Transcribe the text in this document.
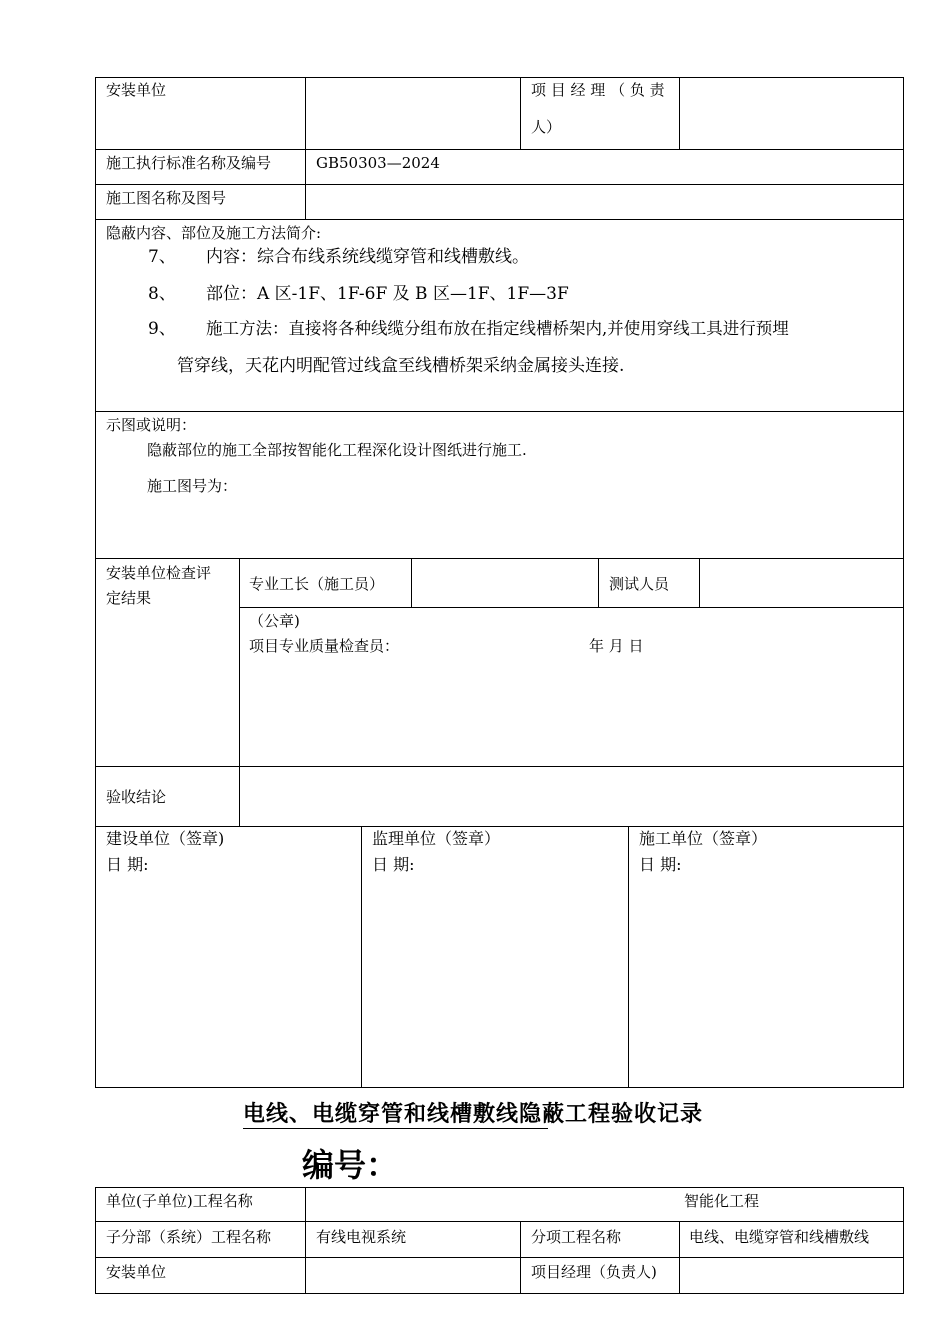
安装单位	项 目 经 理 （ 负 责
人）
施工执行标准名称及编号	GB50303—2024
施工图名称及图号
隐蔽内容、部位及施工方法简介:
7、 内容：综合布线系统线缆穿管和线槽敷线。
8、 部位：A 区-1F、1F-6F 及 B 区—1F、1F—3F
9、 施工方法：直接将各种线缆分组布放在指定线槽桥架内,并使用穿线工具进行预埋
管穿线，天花内明配管过线盒至线槽桥架采纳金属接头连接.
示图或说明：
隐蔽部位的施工全部按智能化工程深化设计图纸进行施工.
施工图号为：
安装单位检查评
定结果
专业工长（施工员）	测试人员
（公章)
项目专业质量检查员：	年 月 日
验收结论
建设单位（签章)
日 期:
监理单位（签章）
日 期:
施工单位（签章）
日 期:
电线、电缆穿管和线槽敷线隐蔽工程验收记录
编号：
单位(子单位)工程名称	智能化工程
子分部（系统）工程名称	有线电视系统	分项工程名称	电线、电缆穿管和线槽敷线
安装单位	项目经理（负责人)
